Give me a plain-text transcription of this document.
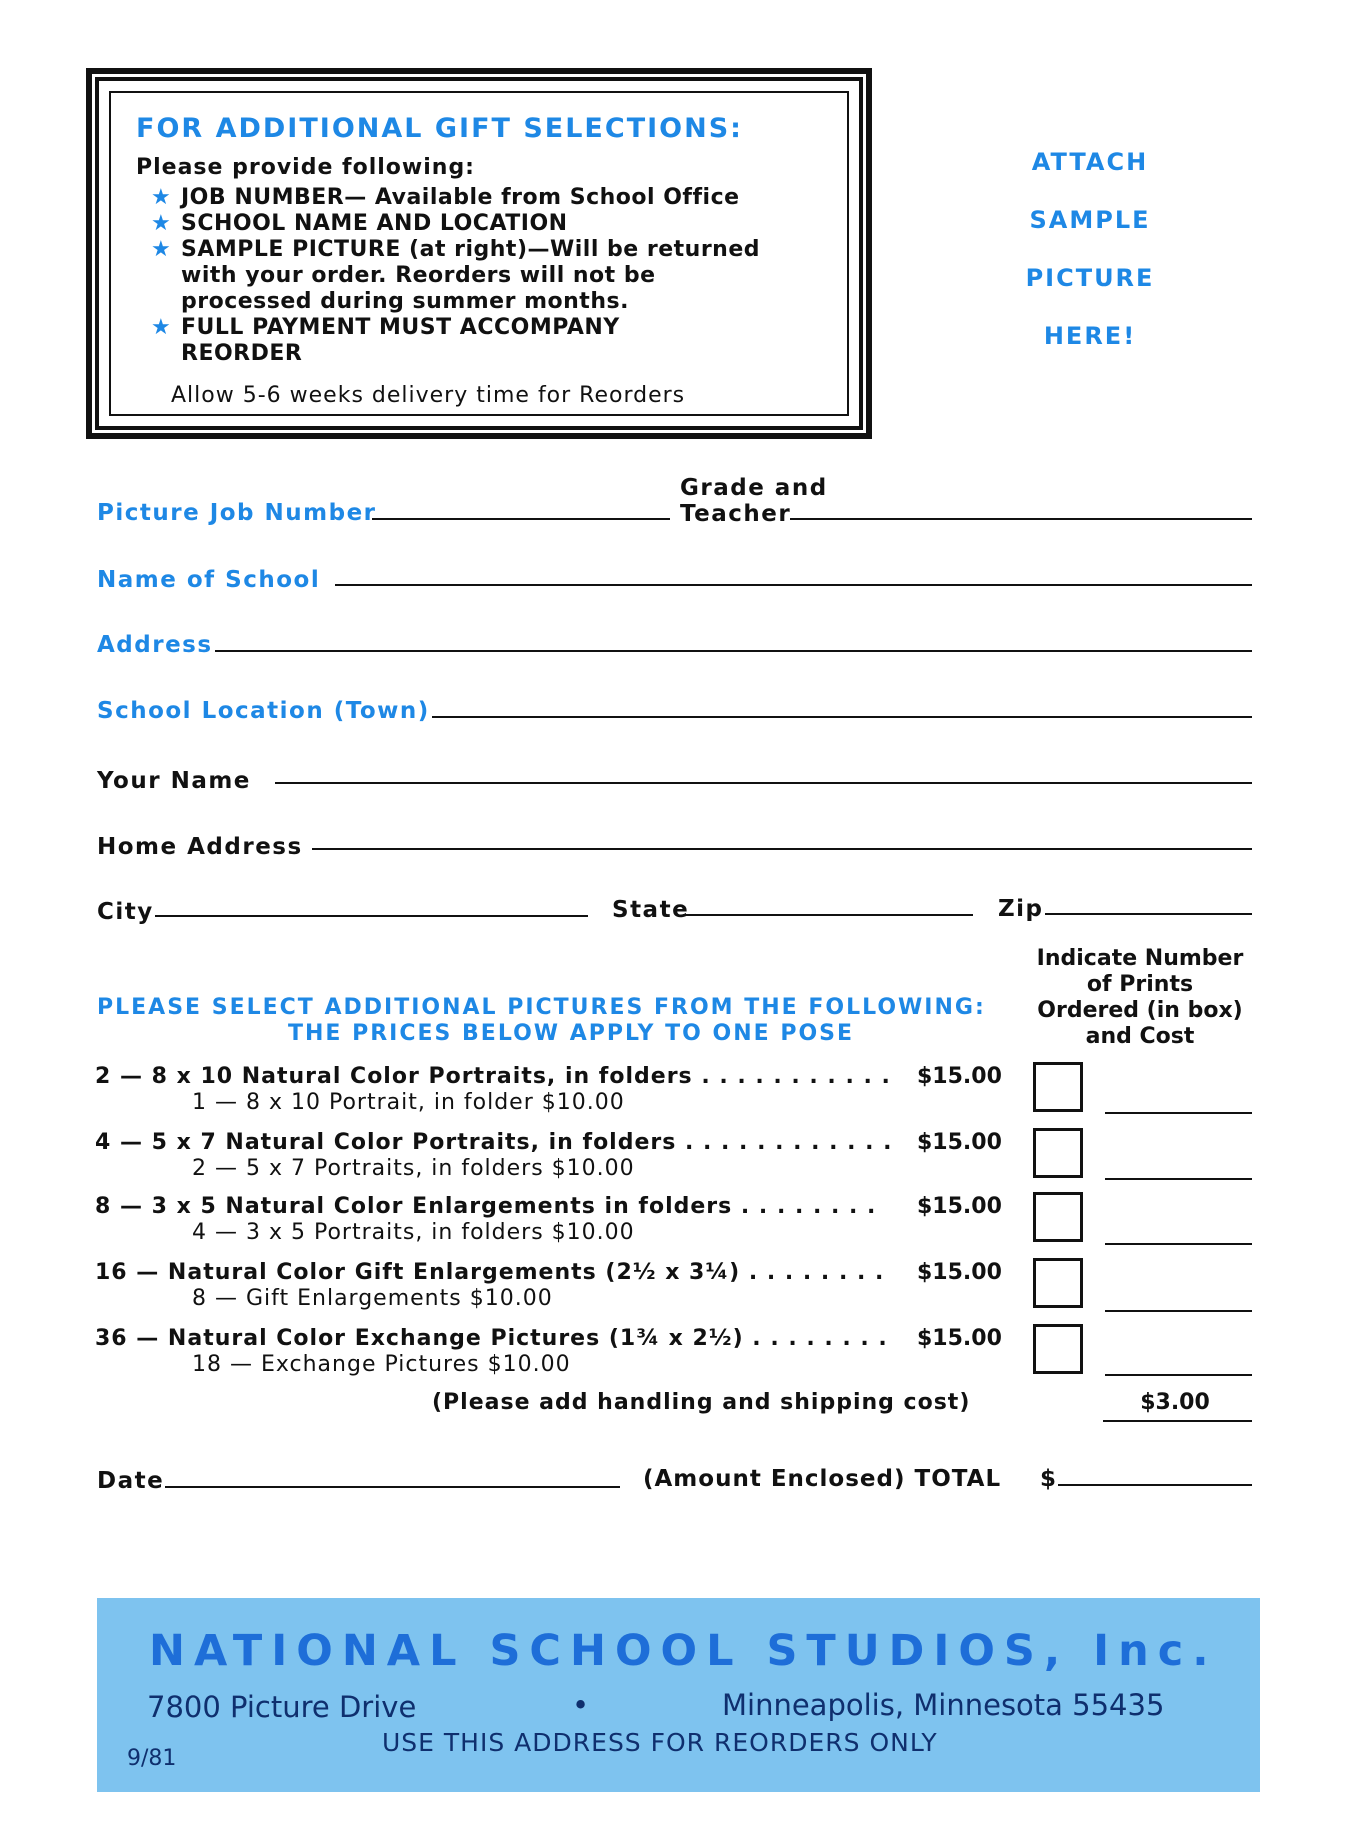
FOR ADDITIONAL GIFT SELECTIONS:
Please provide following:
★ JOB NUMBER— Available from School Office
★ SCHOOL NAME AND LOCATION
★ SAMPLE PICTURE (at right)—Will be returned
with your order. Reorders will not be
processed during summer months.
★ FULL PAYMENT MUST ACCOMPANY
REORDER
Allow 5-6 weeks delivery time for Reorders
ATTACH
SAMPLE
PICTURE
HERE!
Picture Job Number
Grade and
Teacher
Name of School
Address
School Location (Town)
Your Name
Home Address
City	State	Zip
PLEASE SELECT ADDITIONAL PICTURES FROM THE FOLLOWING:
THE PRICES BELOW APPLY TO ONE POSE
Indicate Number
of Prints
Ordered (in box)
and Cost
2 — 8 x 10 Natural Color Portraits, in folders . . . . . . . . . . .	$15.00
1 — 8 x 10 Portrait, in folder $10.00
4 — 5 x 7 Natural Color Portraits, in folders . . . . . . . . . . . .	$15.00
2 — 5 x 7 Portraits, in folders $10.00
8 — 3 x 5 Natural Color Enlargements in folders . . . . . . . .	$15.00
4 — 3 x 5 Portraits, in folders $10.00
16 — Natural Color Gift Enlargements (2½ x 3¼) . . . . . . . .	$15.00
8 — Gift Enlargements $10.00
36 — Natural Color Exchange Pictures (1¾ x 2½) . . . . . . . .	$15.00
18 — Exchange Pictures $10.00
(Please add handling and shipping cost)	$3.00
Date	(Amount Enclosed) TOTAL $
NATIONAL SCHOOL STUDIOS, Inc.
7800 Picture Drive	•	Minneapolis, Minnesota 55435
USE THIS ADDRESS FOR REORDERS ONLY
9/81
